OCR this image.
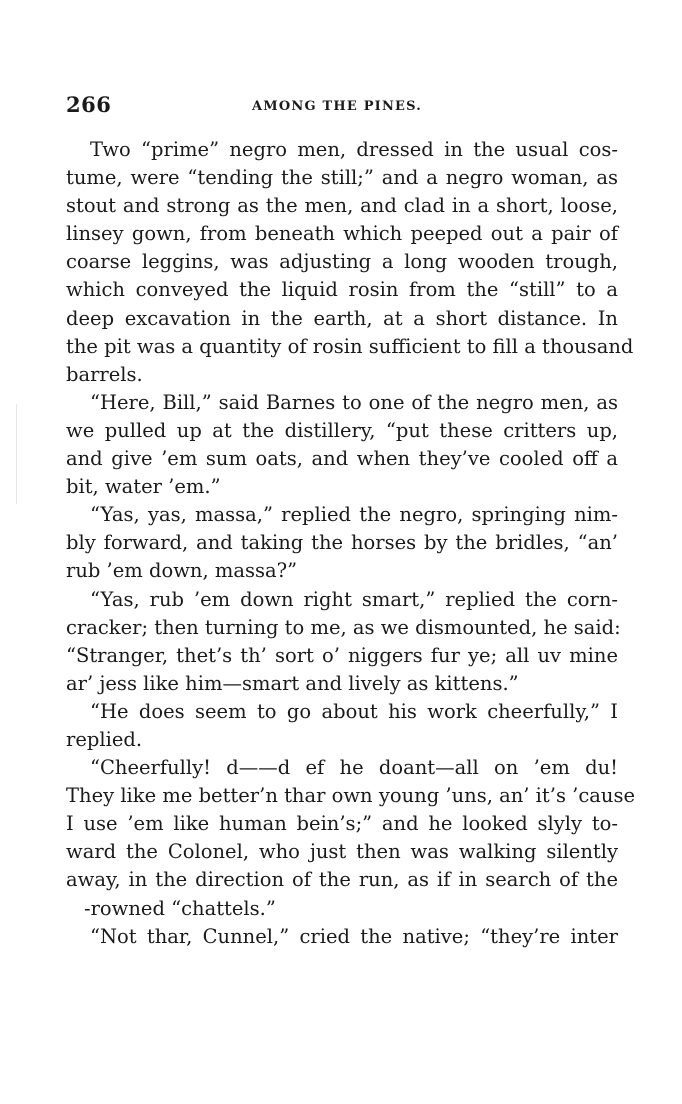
266	AMONG THE PINES.
Two “prime” negro men, dressed in the usual cos-
tume, were “tending the still;” and a negro woman, as
stout and strong as the men, and clad in a short, loose,
linsey gown, from beneath which peeped out a pair of
coarse leggins, was adjusting a long wooden trough,
which conveyed the liquid rosin from the “still” to a
deep excavation in the earth, at a short distance. In
the pit was a quantity of rosin sufficient to fill a thousand
barrels.
“Here, Bill,” said Barnes to one of the negro men, as
we pulled up at the distillery, “put these critters up,
and give ’em sum oats, and when they’ve cooled off a
bit, water ’em.”
“Yas, yas, massa,” replied the negro, springing nim-
bly forward, and taking the horses by the bridles, “an’
rub ’em down, massa?”
“Yas, rub ’em down right smart,” replied the corn-
cracker; then turning to me, as we dismounted, he said:
“Stranger, thet’s th’ sort o’ niggers fur ye; all uv mine
ar’ jess like him—smart and lively as kittens.”
“He does seem to go about his work cheerfully,” I
replied.
“Cheerfully! d——d ef he doant—all on ’em du!
They like me better’n thar own young ’uns, an’ it’s ’cause
I use ’em like human bein’s;” and he looked slyly to-
ward the Colonel, who just then was walking silently
away, in the direction of the run, as if in search of the
-rowned “chattels.”
“Not thar, Cunnel,” cried the native; “they’re inter
